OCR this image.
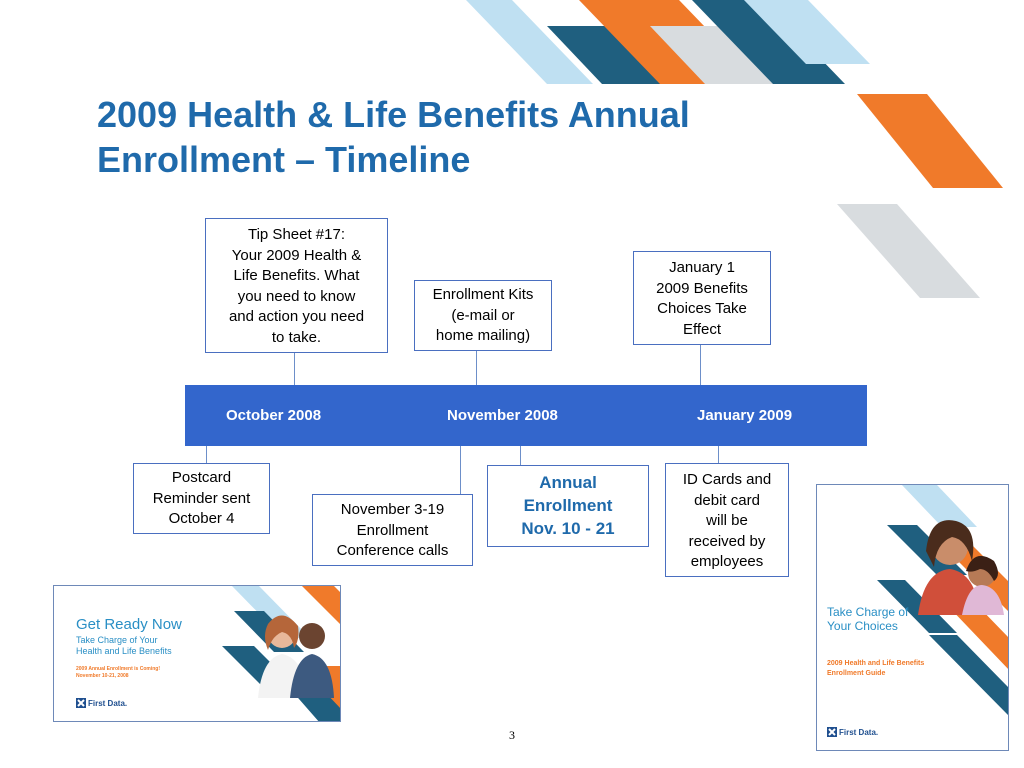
2009 Health & Life Benefits Annual
Enrollment – Timeline
October 2008	November 2008	January 2009
Tip Sheet #17:
Your 2009 Health &
Life Benefits. What
you need to know
and action you need
to take.
Enrollment Kits
(e-mail or
home mailing)
January 1
2009 Benefits
Choices Take
Effect
Postcard
Reminder sent
October 4
November 3-19
Enrollment
Conference calls
Annual
Enrollment
Nov. 10 - 21
ID Cards and
debit card
will be
received by
employees
Get Ready Now
Take Charge of Your
Health and Life Benefits
2009 Annual Enrollment is Coming!
November 10-21, 2008
First Data.
Take Charge of
Your Choices
2009 Health and Life Benefits
Enrollment Guide
First Data.
3
